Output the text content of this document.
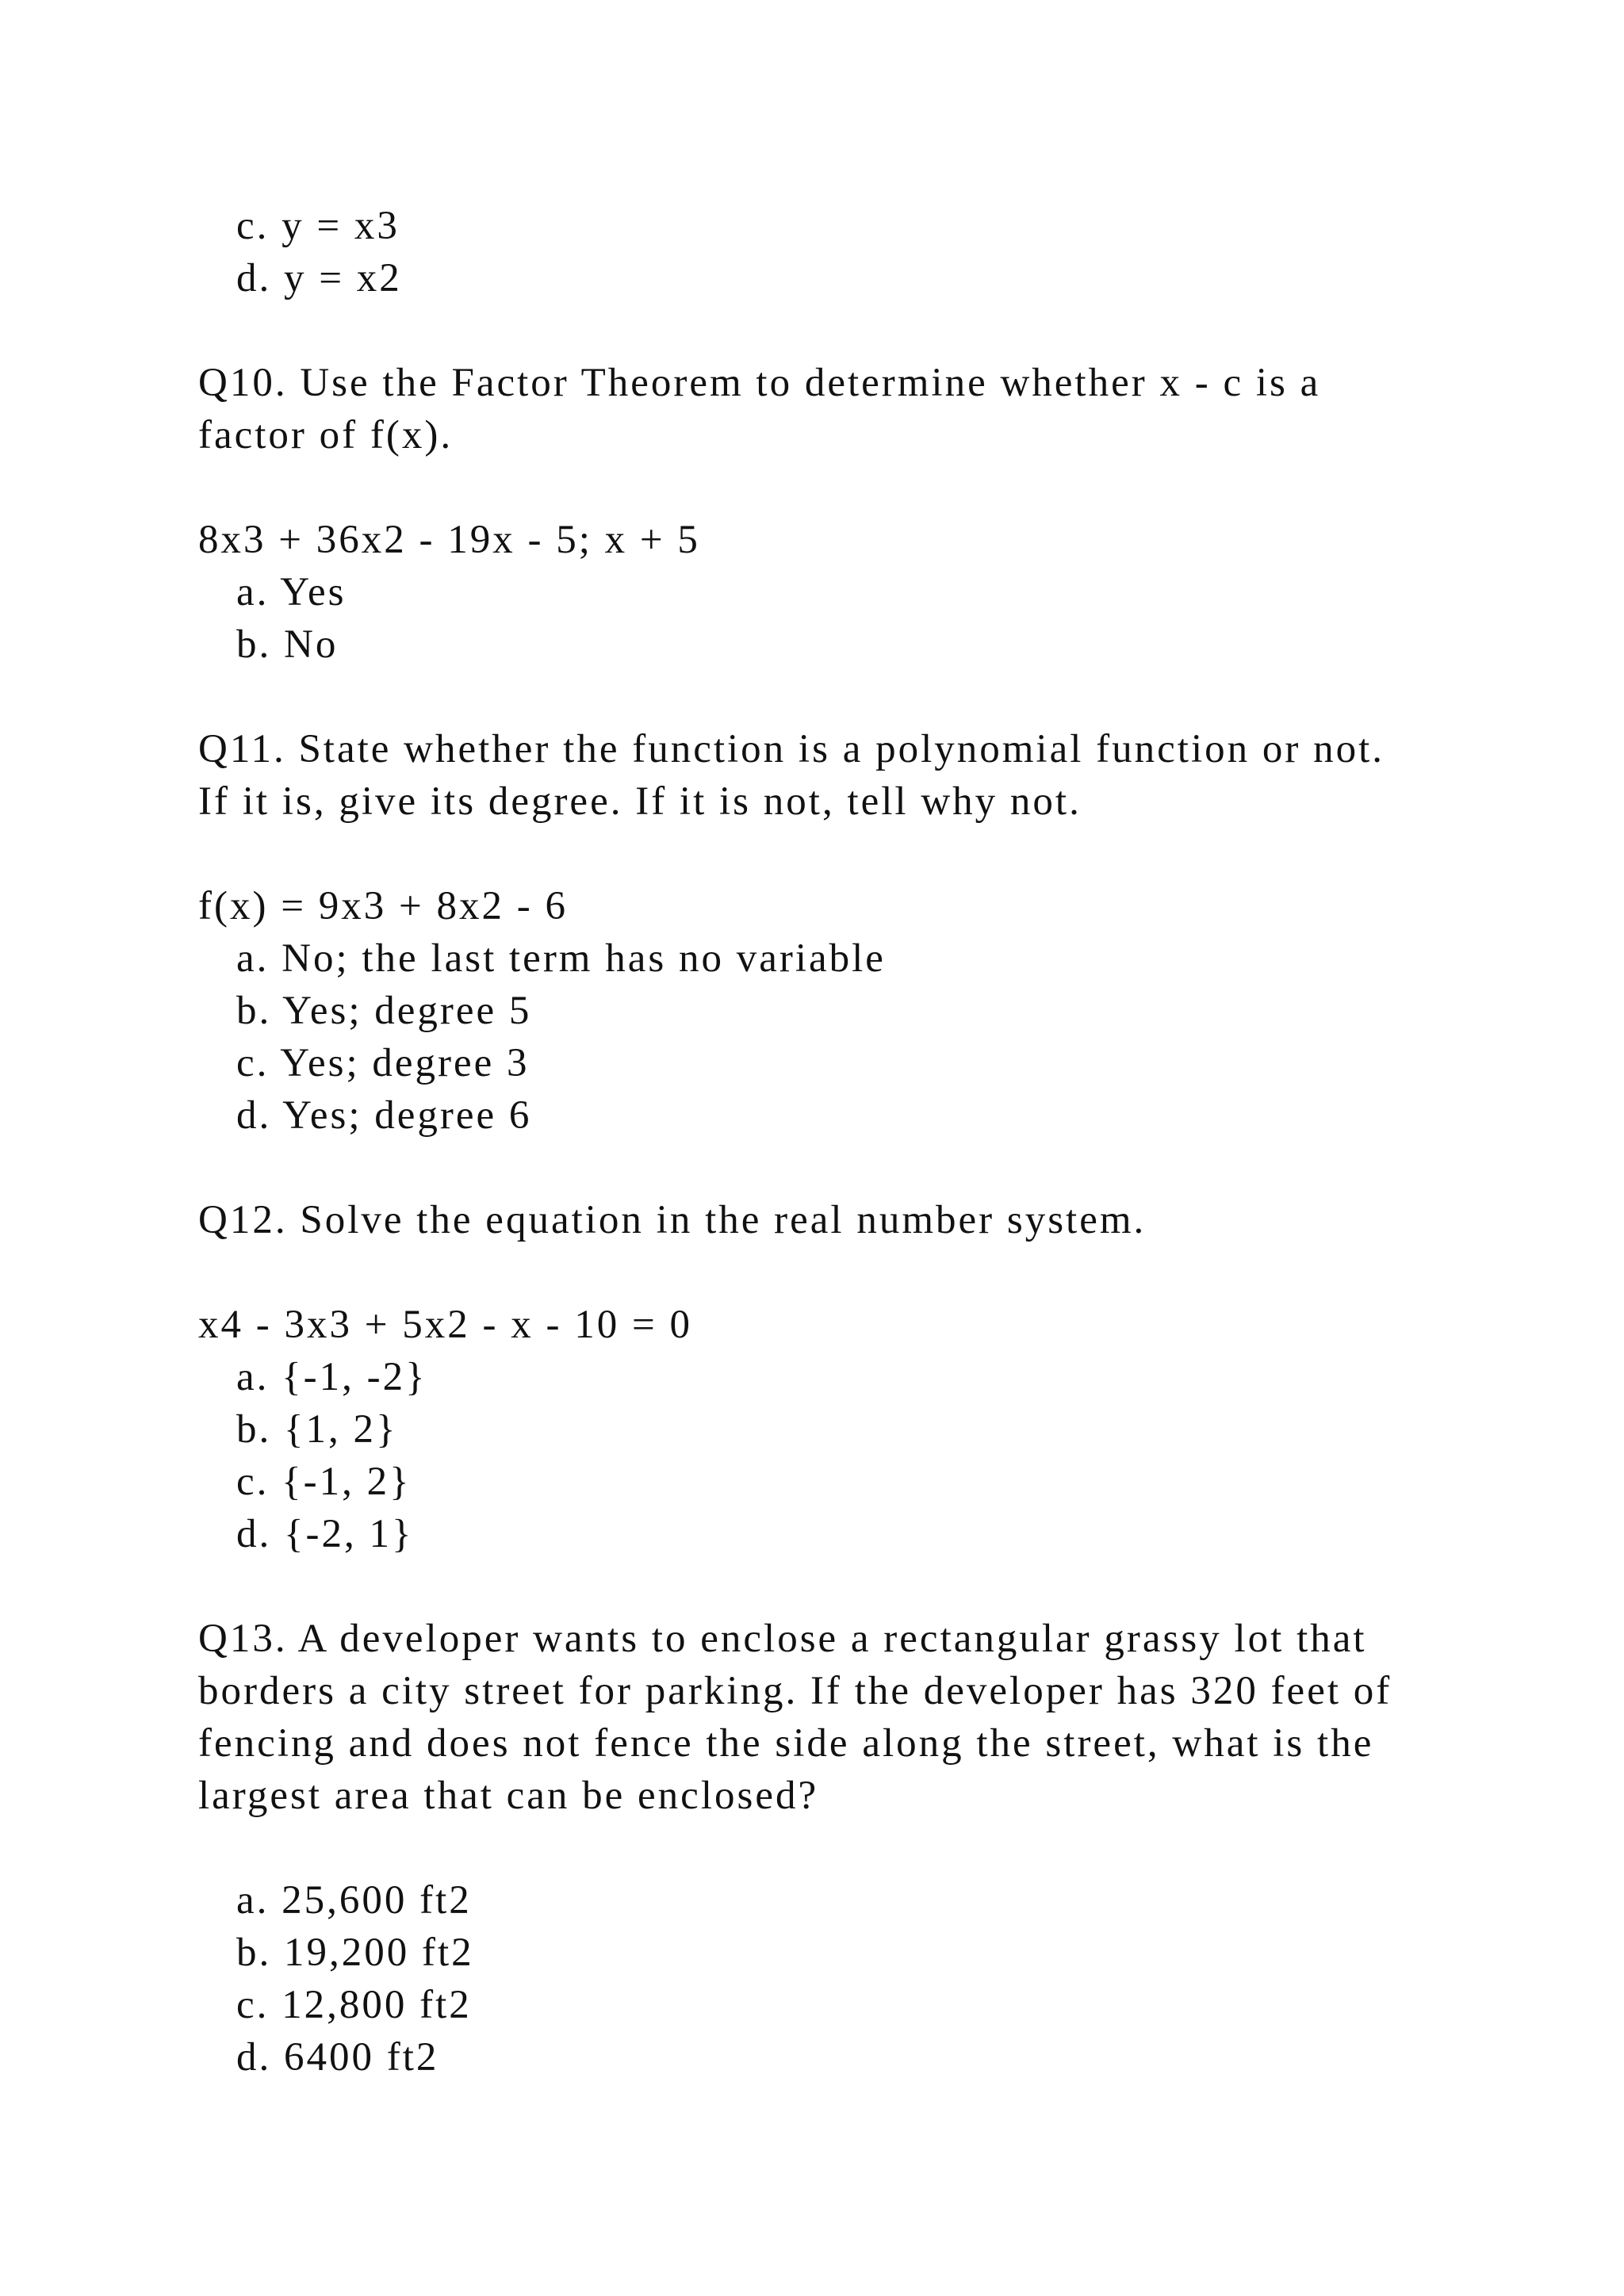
c. y = x3

d. y = x2

Q10. Use the Factor Theorem to determine whether x - c is a

factor of f(x).

8x3 + 36x2 - 19x - 5; x + 5

a. Yes

b. No

Q11. State whether the function is a polynomial function or not.

If it is, give its degree. If it is not, tell why not.

f(x) = 9x3 + 8x2 - 6

a. No; the last term has no variable

b. Yes; degree 5

c. Yes; degree 3

d. Yes; degree 6

Q12. Solve the equation in the real number system.

x4 - 3x3 + 5x2 - x - 10 = 0

a. {-1, -2}

b. {1, 2}

c. {-1, 2}

d. {-2, 1}

Q13. A developer wants to enclose a rectangular grassy lot that

borders a city street for parking. If the developer has 320 feet of

fencing and does not fence the side along the street, what is the

largest area that can be enclosed?

a. 25,600 ft2

b. 19,200 ft2

c. 12,800 ft2

d. 6400 ft2
